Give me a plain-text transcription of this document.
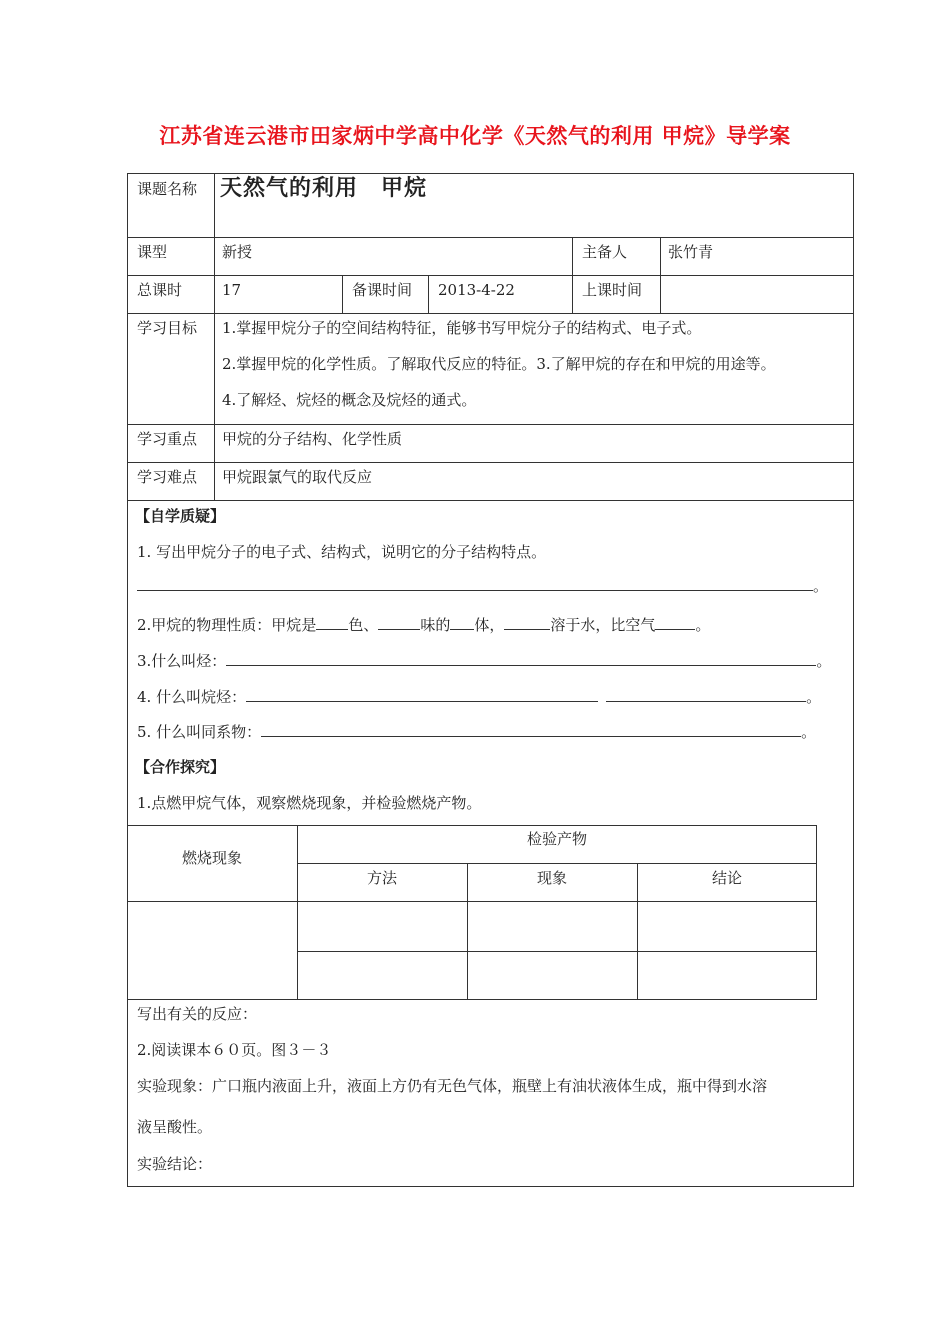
江苏省连云港市田家炳中学高中化学《天然气的利用 甲烷》导学案
课题名称 天然气的利用　甲烷
课型	新授	主备人	张竹青
总课时	17	备课时间 2013-4-22	上课时间
学习目标 1.掌握甲烷分子的空间结构特征，能够书写甲烷分子的结构式、电子式。
2.掌握甲烷的化学性质。了解取代反应的特征。3.了解甲烷的存在和甲烷的用途等。
4.了解烃、烷烃的概念及烷烃的通式。
学习重点 甲烷的分子结构、化学性质
学习难点 甲烷跟氯气的取代反应
【自学质疑】
1. 写出甲烷分子的电子式、结构式，说明它的分子结构特点。
。
2.甲烷的物理性质：甲烷是 色、	味的 体，	溶于水，比空气	。
3.什么叫烃：	。
4. 什么叫烷烃：	。
5. 什么叫同系物：	。
【合作探究】
1.点燃甲烷气体，观察燃烧现象，并检验燃烧产物。
燃烧现象
检验产物
方法	现象	结论
写出有关的反应：
2.阅读课本６０页。图３－３
实验现象：广口瓶内液面上升，液面上方仍有无色气体，瓶壁上有油状液体生成，瓶中得到水溶
液呈酸性。
实验结论：
